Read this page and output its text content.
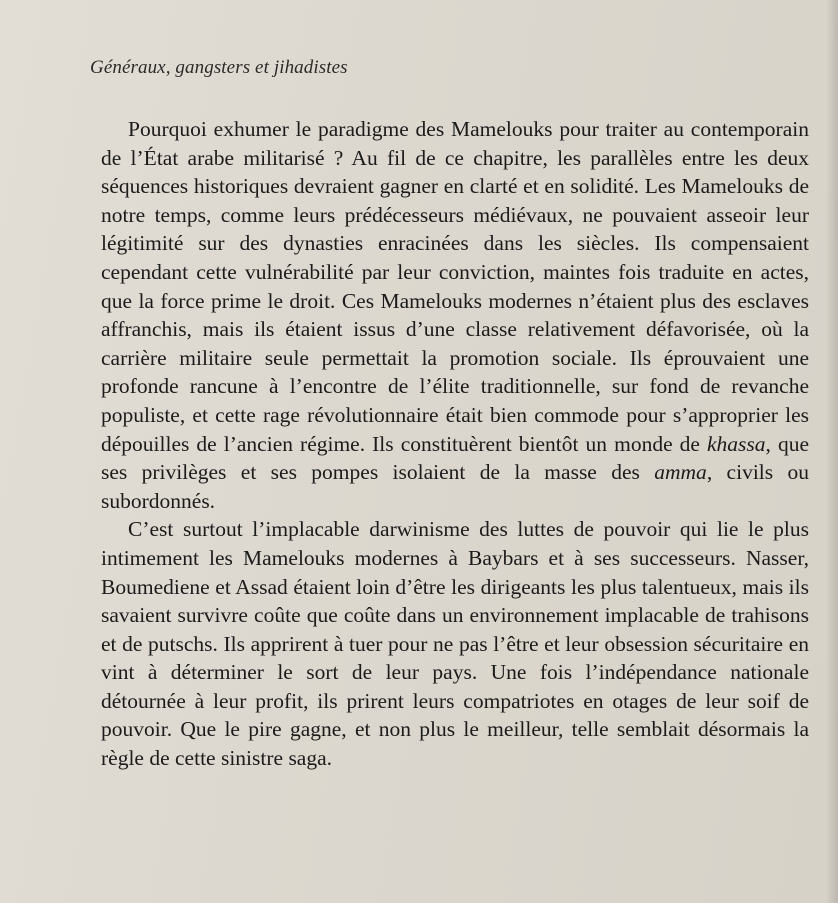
Généraux, gangsters et jihadistes

Pourquoi exhumer le paradigme des Mamelouks pour traiter au contemporain de l’État arabe militarisé ? Au fil de ce chapitre, les parallèles entre les deux séquences historiques devraient gagner en clarté et en solidité. Les Mamelouks de notre temps, comme leurs prédécesseurs médiévaux, ne pouvaient asseoir leur légitimité sur des dynasties enracinées dans les siècles. Ils compensaient cependant cette vulnérabilité par leur conviction, maintes fois traduite en actes, que la force prime le droit. Ces Mamelouks modernes n’étaient plus des esclaves affranchis, mais ils étaient issus d’une classe relativement défavorisée, où la carrière militaire seule permettait la promotion sociale. Ils éprouvaient une profonde rancune à l’encontre de l’élite traditionnelle, sur fond de revanche populiste, et cette rage révolutionnaire était bien commode pour s’approprier les dépouilles de l’ancien régime. Ils constituèrent bientôt un monde de khassa, que ses privilèges et ses pompes isolaient de la masse des amma, civils ou subordonnés.

C’est surtout l’implacable darwinisme des luttes de pouvoir qui lie le plus intimement les Mamelouks modernes à Baybars et à ses successeurs. Nasser, Boumediene et Assad étaient loin d’être les dirigeants les plus talentueux, mais ils savaient survivre coûte que coûte dans un environnement implacable de trahisons et de putschs. Ils apprirent à tuer pour ne pas l’être et leur obsession sécuritaire en vint à déterminer le sort de leur pays. Une fois l’indépendance nationale détournée à leur profit, ils prirent leurs compatriotes en otages de leur soif de pouvoir. Que le pire gagne, et non plus le meilleur, telle semblait désormais la règle de cette sinistre saga.
